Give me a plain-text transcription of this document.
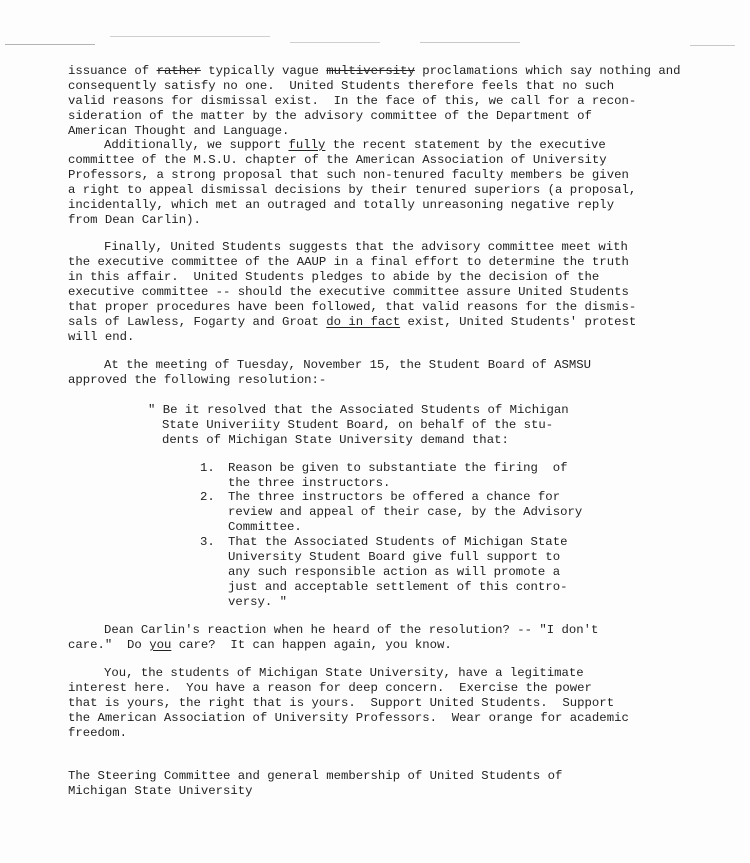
issuance of rather typically vague multiversity proclamations which say nothing and
consequently satisfy no one.  United Students therefore feels that no such
valid reasons for dismissal exist.  In the face of this, we call for a recon-
sideration of the matter by the advisory committee of the Department of
American Thought and Language.
Additionally, we support fully the recent statement by the executive
committee of the M.S.U. chapter of the American Association of University
Professors, a strong proposal that such non-tenured faculty members be given
a right to appeal dismissal decisions by their tenured superiors (a proposal,
incidentally, which met an outraged and totally unreasoning negative reply
from Dean Carlin).
Finally, United Students suggests that the advisory committee meet with
the executive committee of the AAUP in a final effort to determine the truth
in this affair.  United Students pledges to abide by the decision of the
executive committee -- should the executive committee assure United Students
that proper procedures have been followed, that valid reasons for the dismis-
sals of Lawless, Fogarty and Groat do in fact exist, United Students' protest
will end.
At the meeting of Tuesday, November 15, the Student Board of ASMSU
approved the following resolution:-
" Be it resolved that the Associated Students of Michigan
State Univeriity Student Board, on behalf of the stu-
dents of Michigan State University demand that:
1. Reason be given to substantiate the firing  of
the three instructors.
2. The three instructors be offered a chance for
review and appeal of their case, by the Advisory
Committee.
3. That the Associated Students of Michigan State
University Student Board give full support to
any such responsible action as will promote a
just and acceptable settlement of this contro-
versy. "
Dean Carlin's reaction when he heard of the resolution? -- "I don't
care."  Do you care?  It can happen again, you know.
You, the students of Michigan State University, have a legitimate
interest here.  You have a reason for deep concern.  Exercise the power
that is yours, the right that is yours.  Support United Students.  Support
the American Association of University Professors.  Wear orange for academic
freedom.
The Steering Committee and general membership of United Students of
Michigan State University
